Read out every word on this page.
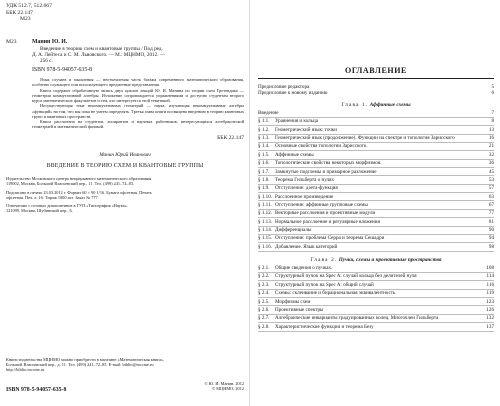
УДК 512.7, 512.667
ББК 22.147
М23
М23	Манин Ю. И.

Введение в теорию схем и квантовые группы / Под ред.

Д. А. Лейтеса и С. М. Львовского. — М.: МЦНМО, 2012. —

256 с.

ISBN 978-5-94057-635-8

Язык случаев и мышления — неотъемлемая часть багажа современного математического образования, особенно служащего или использующего предметные представления.

Книга содержит обработанную запись двух циклов лекций Ю. И. Манина по теории схем Гротендика — геометрии коммутативной алгебры. Изложение сопровождается упражнениями и доступно студентам второго курса математических факультетов и тем, кто интересуется этой тематикой.

Несуществующая тема некоммутативных геометрий — наука, изучающая некоммутативные алгебры «функций» на том, что мы пока не умеем определять. Третья глава книги посвящена введению в теорию квантовых групп и квантовых пространств.

Книга рассчитана на студентов, аспирантов и научных работников, интересующихся алгебраической геометрией и математической физикой.

ББК 22.147
Манин Юрий Иванович
ВВЕДЕНИЕ В ТЕОРИЮ СХЕМ И КВАНТОВЫЕ ГРУППЫ

Издательство Московского центра непрерывного математического образования

119002, Москва, Большой Власьевский пер., 11. Тел. (499) 241–74–83.

Подписано в печать 23.03.2012 г. Формат 60 × 90 1/16. Бумага офсетная. Печать

офсетная. Печ. л. 16. Тираж 1000 экз. Заказ № 777

Отпечатано с готовых диапозитивов в ГУП «Типография «Наука».

121099, Москва, Шубинский пер., 6.

Книги издательства МЦНМО можно приобрести в магазине «Математическая книга»,
Большой Власьевский пер., д. 11. Тел. (499) 241–72–85. E-mail: biblio@mccme.ru
http://biblio.mccme.ru
ISBN 978-5-94057-635-8
© Ю. И. Манин, 2012
© МЦНМО, 2012
ОГЛАВЛЕНИЕ
Предисловие редактора	5
Предисловие к новому изданию	6
Глава 1. Аффинные схемы
Введение	7
§ 1.1.	Уравнения и кольца	8
§ 1.2.	Геометрический язык: точки	13
§ 1.3.	Геометрический язык (продолжение). Функции на спектре и топология Зарисского	16
§ 1.4.	Основные свойства топологии Зарисского.	21
§ 1.5.	Аффинные схемы	32
§ 1.6.	Топологические свойства некоторых морфизмов.	36
§ 1.7.	Замкнутые подсхемы и примарное разложение	45
§ 1.8.	Теорема Гильберта о нулях	53
§ 1.9.	Отступление: дзета-функция	57
§ 1.10. Расслоенное произведение	63
§ 1.11. Отступление: аффинные групповые схемы	67
§ 1.12. Векторные расслоения и проективные модули	77
§ 1.13. Нормальное расслоение и регулярные вложения	81
§ 1.14. Дифференциалы	90
§ 1.15. Отступление: проблема Серра и теорема Сешадри	94
§ 1.16. Добавление. Язык категорий	98
Глава 2. Пучки, схемы и проективные пространства
§ 2.1.	Общие сведения о пучках.	108
§ 2.2.	Структурный пучок на Spec A: случай кольца без делителей нуля	114
§ 2.3.	Структурный пучок на Spec A: общий случай	116
§ 2.4.	Схемы: склеивание и бирациональная эквивалентность	119
§ 2.5.	Морфизмы схем	123
§ 2.6.	Проективные спектры	126
§ 2.7.	Алгебраические инварианты градуированных колец. Многочлен Гильберта	132
§ 2.8.	Характеристические функции и теорема Безу	137
